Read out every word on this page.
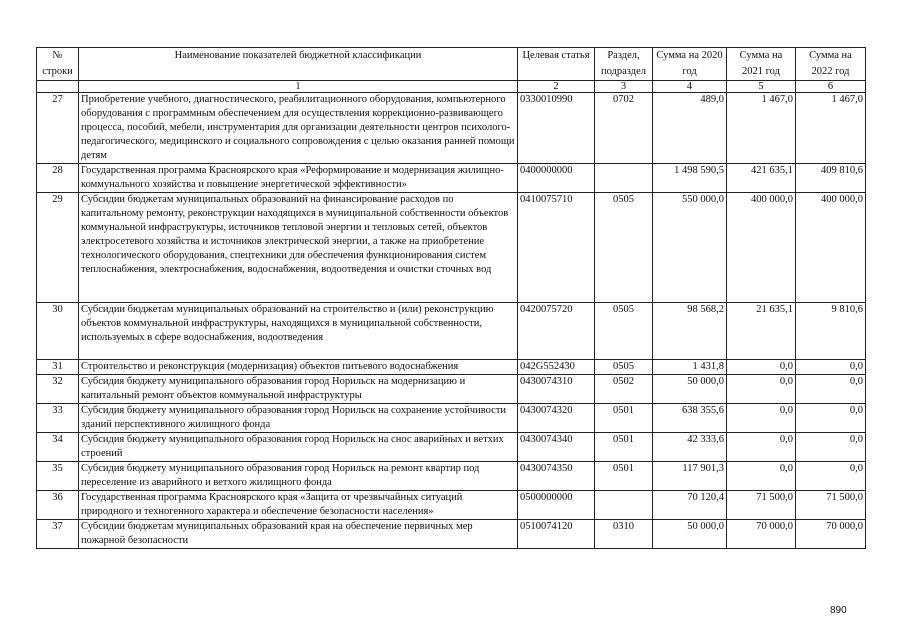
№ строки	Наименование показателей бюджетной классификации	Целевая статья	Раздел, подраздел	Сумма на 2020 год	Сумма на 2021 год	Сумма на 2022 год
	1	2	3	4	5	6
27	Приобретение учебного, диагностического, реабилитационного оборудования, компьютерного оборудования с программным обеспечением для осуществления коррекционно-развивающего процесса, пособий, мебели, инструментария для организации деятельности центров психолого-педагогического, медицинского и социального сопровождения с целью оказания ранней помощи детям	0330010990	0702	489,0	1 467,0	1 467,0
28	Государственная программа Красноярского края «Реформирование и модернизация жилищно-коммунального хозяйства и повышение энергетической эффективности»	0400000000		1 498 590,5	421 635,1	409 810,6
29	Субсидии бюджетам муниципальных образований на финансирование расходов по капитальному ремонту, реконструкции находящихся в муниципальной собственности объектов коммунальной инфраструктуры, источников тепловой энергии и тепловых сетей, объектов электросетевого хозяйства и источников электрической энергии, а также на приобретение технологического оборудования, спецтехники для обеспечения функционирования систем теплоснабжения, электроснабжения, водоснабжения, водоотведения и очистки сточных вод	0410075710	0505	550 000,0	400 000,0	400 000,0
30	Субсидии бюджетам муниципальных образований на строительство и (или) реконструкцию объектов коммунальной инфраструктуры, находящихся в муниципальной собственности, используемых в сфере водоснабжения, водоотведения	0420075720	0505	98 568,2	21 635,1	9 810,6
31	Строительство и реконструкция (модернизация) объектов питьевого водоснабжения	042G552430	0505	1 431,8	0,0	0,0
32	Субсидия бюджету муниципального образования город Норильск на модернизацию и капитальный ремонт объектов коммунальной инфраструктуры	0430074310	0502	50 000,0	0,0	0,0
33	Субсидия бюджету муниципального образования город Норильск на сохранение устойчивости зданий перспективного жилищного фонда	0430074320	0501	638 355,6	0,0	0,0
34	Субсидия бюджету муниципального образования город Норильск на снос аварийных и ветхих строений	0430074340	0501	42 333,6	0,0	0,0
35	Субсидия бюджету муниципального образования город Норильск на ремонт квартир под переселение из аварийного и ветхого жилищного фонда	0430074350	0501	117 901,3	0,0	0,0
36	Государственная программа Красноярского края «Защита от чрезвычайных ситуаций природного и техногенного характера и обеспечение безопасности населения»	0500000000		70 120,4	71 500,0	71 500,0
37	Субсидии бюджетам муниципальных образований края на обеспечение первичных мер пожарной безопасности	0510074120	0310	50 000,0	70 000,0	70 000,0
890
